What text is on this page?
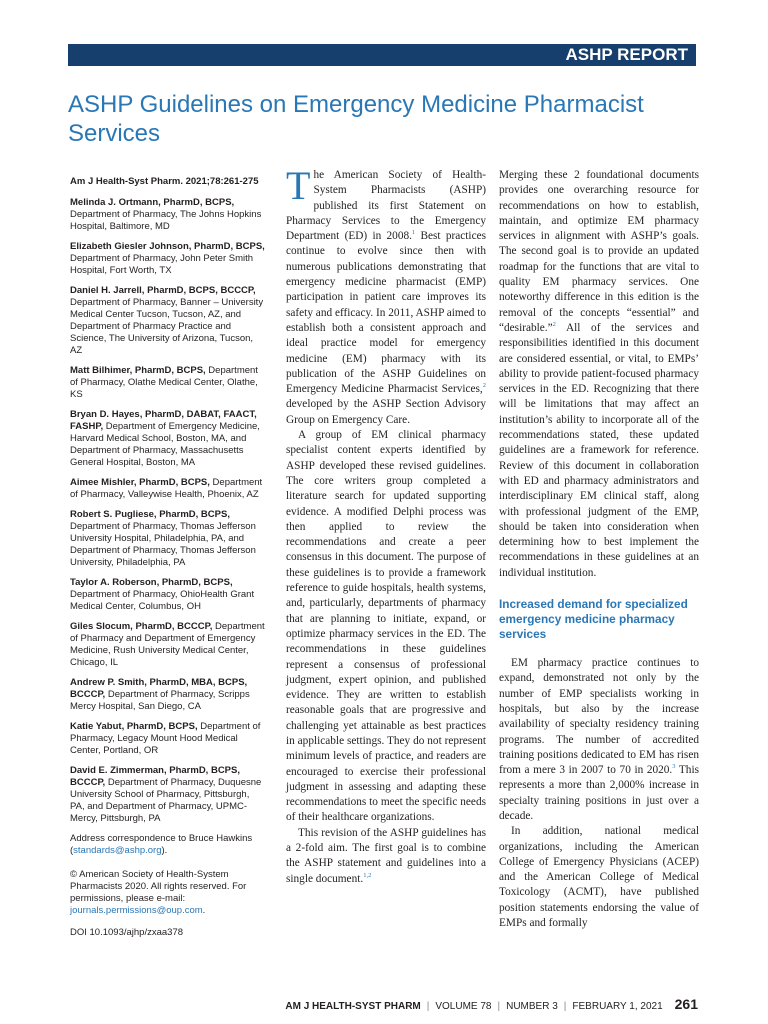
ASHP REPORT
ASHP Guidelines on Emergency Medicine Pharmacist Services
Am J Health-Syst Pharm. 2021;78:261-275
Melinda J. Ortmann, PharmD, BCPS, Department of Pharmacy, The Johns Hopkins Hospital, Baltimore, MD
Elizabeth Giesler Johnson, PharmD, BCPS, Department of Pharmacy, John Peter Smith Hospital, Fort Worth, TX
Daniel H. Jarrell, PharmD, BCPS, BCCCP, Department of Pharmacy, Banner – University Medical Center Tucson, Tucson, AZ, and Department of Pharmacy Practice and Science, The University of Arizona, Tucson, AZ
Matt Bilhimer, PharmD, BCPS, Department of Pharmacy, Olathe Medical Center, Olathe, KS
Bryan D. Hayes, PharmD, DABAT, FAACT, FASHP, Department of Emergency Medicine, Harvard Medical School, Boston, MA, and Department of Pharmacy, Massachusetts General Hospital, Boston, MA
Aimee Mishler, PharmD, BCPS, Department of Pharmacy, Valleywise Health, Phoenix, AZ
Robert S. Pugliese, PharmD, BCPS, Department of Pharmacy, Thomas Jefferson University Hospital, Philadelphia, PA, and Department of Pharmacy, Thomas Jefferson University, Philadelphia, PA
Taylor A. Roberson, PharmD, BCPS, Department of Pharmacy, OhioHealth Grant Medical Center, Columbus, OH
Giles Slocum, PharmD, BCCCP, Department of Pharmacy and Department of Emergency Medicine, Rush University Medical Center, Chicago, IL
Andrew P. Smith, PharmD, MBA, BCPS, BCCCP, Department of Pharmacy, Scripps Mercy Hospital, San Diego, CA
Katie Yabut, PharmD, BCPS, Department of Pharmacy, Legacy Mount Hood Medical Center, Portland, OR
David E. Zimmerman, PharmD, BCPS, BCCCP, Department of Pharmacy, Duquesne University School of Pharmacy, Pittsburgh, PA, and Department of Pharmacy, UPMC-Mercy, Pittsburgh, PA
Address correspondence to Bruce Hawkins (standards@ashp.org).
© American Society of Health-System Pharmacists 2020. All rights reserved. For permissions, please e-mail: journals.permissions@oup.com.
DOI 10.1093/ajhp/zxaa378

The American Society of Health-System Pharmacists (ASHP) published its first Statement on Pharmacy Services to the Emergency Department (ED) in 2008.$^1$ Best practices continue to evolve since then with numerous publications demonstrating that emergency medicine pharmacist (EMP) participation in patient care improves its safety and efficacy. In 2011, ASHP aimed to establish both a consistent approach and ideal practice model for emergency medicine (EM) pharmacy with its publication of the ASHP Guidelines on Emergency Medicine Pharmacist Services,$^2$ developed by the ASHP Section Advisory Group on Emergency Care.

A group of EM clinical pharmacy specialist content experts identified by ASHP developed these revised guidelines. The core writers group completed a literature search for updated supporting evidence. A modified Delphi process was then applied to review the recommendations and create a peer consensus in this document. The purpose of these guidelines is to provide a framework reference to guide hospitals, health systems, and, particularly, departments of pharmacy that are planning to initiate, expand, or optimize pharmacy services in the ED. The recommendations in these guidelines represent a consensus of professional judgment, expert opinion, and published evidence. They are written to establish reasonable goals that are progressive and challenging yet attainable as best practices in applicable settings. They do not represent minimum levels of practice, and readers are encouraged to exercise their professional judgment in assessing and adapting these recommendations to meet the specific needs of their healthcare organizations.

This revision of the ASHP guidelines has a 2-fold aim. The first goal is to combine the ASHP statement and guidelines into a single document.$^{1,2}$

Merging these 2 foundational documents provides one overarching resource for recommendations on how to establish, maintain, and optimize EM pharmacy services in alignment with ASHP’s goals. The second goal is to provide an updated roadmap for the functions that are vital to quality EM pharmacy services. One noteworthy difference in this edition is the removal of the concepts “essential” and “desirable.”$^2$ All of the services and responsibilities identified in this document are considered essential, or vital, to EMPs’ ability to provide patient-focused pharmacy services in the ED. Recognizing that there will be limitations that may affect an institution’s ability to incorporate all of the recommendations stated, these updated guidelines are a framework for reference. Review of this document in collaboration with ED and pharmacy administrators and interdisciplinary EM clinical staff, along with professional judgment of the EMP, should be taken into consideration when determining how to best implement the recommendations in these guidelines at an individual institution.

Increased demand for specialized emergency medicine pharmacy services

EM pharmacy practice continues to expand, demonstrated not only by the number of EMP specialists working in hospitals, but also by the increase availability of specialty residency training programs. The number of accredited training positions dedicated to EM has risen from a mere 3 in 2007 to 70 in 2020.$^3$ This represents a more than 2,000% increase in specialty training positions in just over a decade.

In addition, national medical organizations, including the American College of Emergency Physicians (ACEP) and the American College of Medical Toxicology (ACMT), have published position statements endorsing the value of EMPs and formally

AM J HEALTH-SYST PHARM | VOLUME 78 | NUMBER 3 | FEBRUARY 1, 2021 261
